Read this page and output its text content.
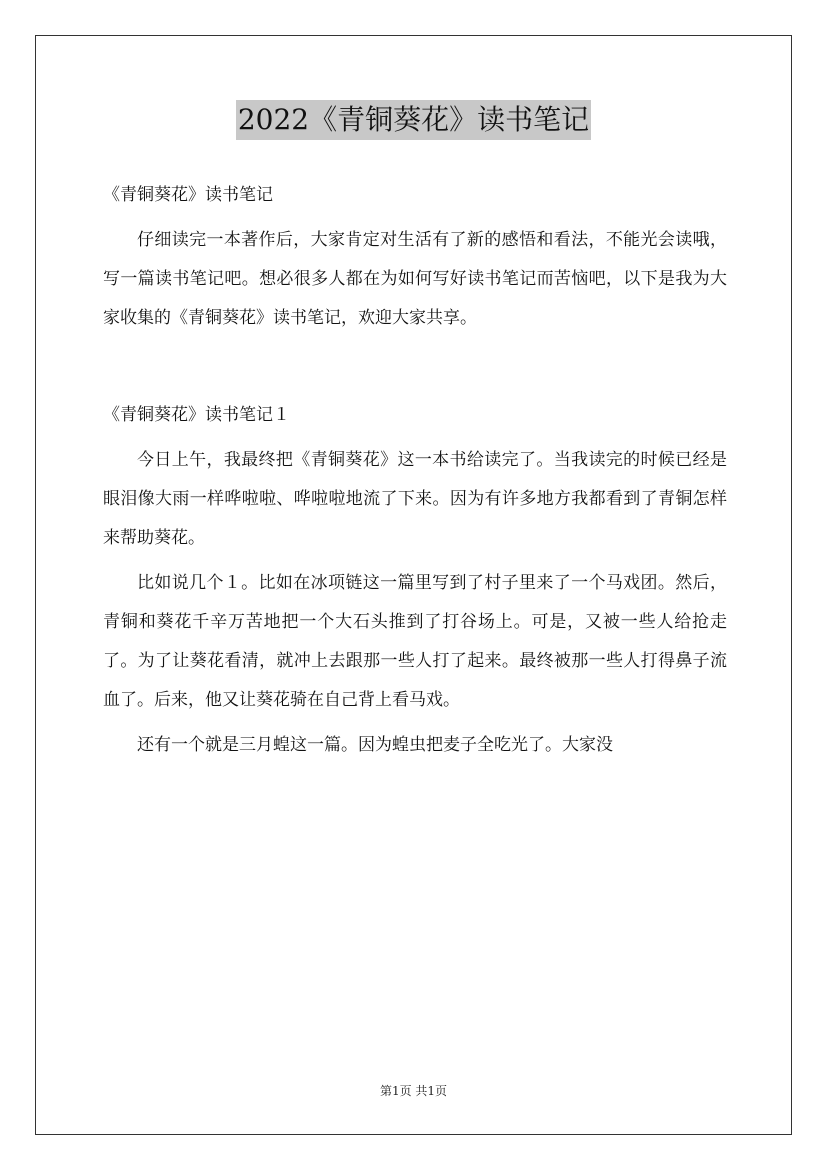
2022《青铜葵花》读书笔记

《青铜葵花》读书笔记

仔细读完一本著作后，大家肯定对生活有了新的感悟和看法，不能光会读哦，写一篇读书笔记吧。想必很多人都在为如何写好读书笔记而苦恼吧，以下是我为大家收集的《青铜葵花》读书笔记，欢迎大家共享。

《青铜葵花》读书笔记１

今日上午，我最终把《青铜葵花》这一本书给读完了。当我读完的时候已经是眼泪像大雨一样哗啦啦、哗啦啦地流了下来。因为有许多地方我都看到了青铜怎样来帮助葵花。

比如说几个１。比如在冰项链这一篇里写到了村子里来了一个马戏团。然后，青铜和葵花千辛万苦地把一个大石头推到了打谷场上。可是，又被一些人给抢走了。为了让葵花看清，就冲上去跟那一些人打了起来。最终被那一些人打得鼻子流血了。后来，他又让葵花骑在自己背上看马戏。

还有一个就是三月蝗这一篇。因为蝗虫把麦子全吃光了。大家没

第1页 共1页
